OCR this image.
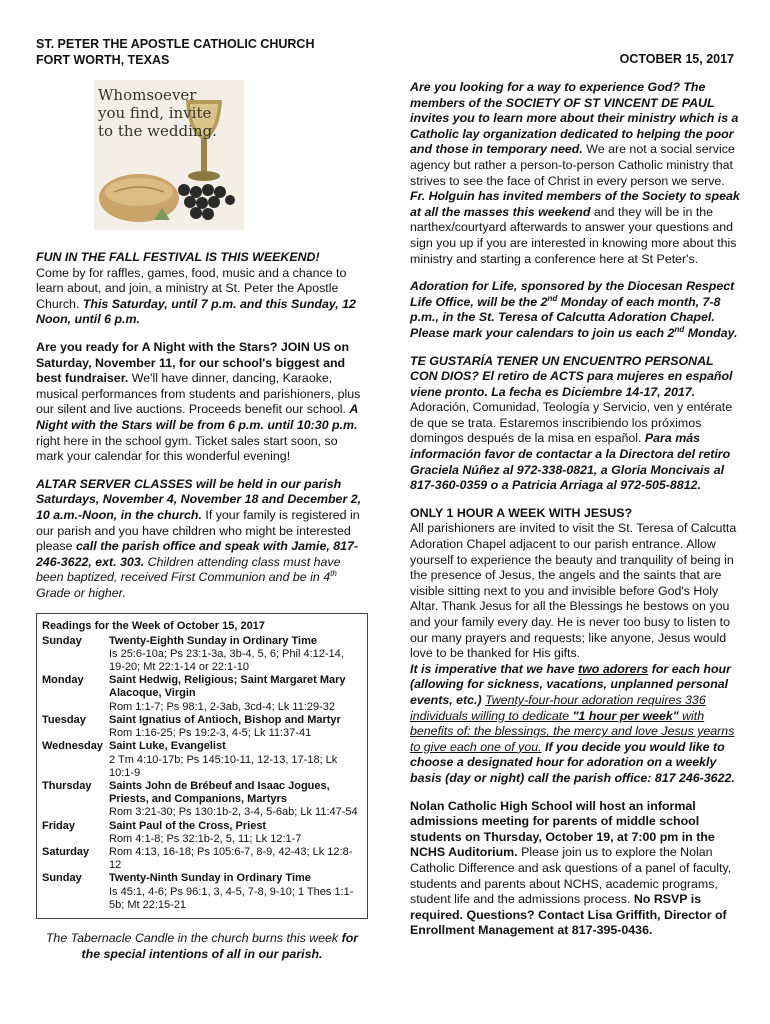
ST. PETER THE APOSTLE CATHOLIC CHURCH
FORT WORTH, TEXAS	OCTOBER 15, 2017
Whomsoever
you find, invite
to the wedding.

FUN IN THE FALL FESTIVAL IS THIS WEEKEND!
Come by for raffles, games, food, music and a chance to learn about, and join, a ministry at St. Peter the Apostle Church. This Saturday, until 7 p.m. and this Sunday, 12 Noon, until 6 p.m.

Are you ready for A Night with the Stars? JOIN US on Saturday, November 11, for our school's biggest and best fundraiser. We'll have dinner, dancing, Karaoke, musical performances from students and parishioners, plus our silent and live auctions. Proceeds benefit our school. A Night with the Stars will be from 6 p.m. until 10:30 p.m. right here in the school gym. Ticket sales start soon, so mark your calendar for this wonderful evening!

ALTAR SERVER CLASSES will be held in our parish Saturdays, November 4, November 18 and December 2, 10 a.m.-Noon, in the church. If your family is registered in our parish and you have children who might be interested please call the parish office and speak with Jamie, 817-246-3622, ext. 303. Children attending class must have been baptized, received First Communion and be in 4th Grade or higher.

Readings for the Week of October 15, 2017
Sunday	Twenty-Eighth Sunday in Ordinary Time
Is 25:6-10a; Ps 23:1-3a, 3b-4, 5, 6; Phil 4:12-14, 19-20; Mt 22:1-14 or 22:1-10
Monday	Saint Hedwig, Religious; Saint Margaret Mary Alacoque, Virgin
Rom 1:1-7; Ps 98:1, 2-3ab, 3cd-4; Lk 11:29-32
Tuesday	Saint Ignatius of Antioch, Bishop and Martyr
Rom 1:16-25; Ps 19:2-3, 4-5; Lk 11:37-41
Wednesday Saint Luke, Evangelist
2 Tm 4:10-17b; Ps 145:10-11, 12-13, 17-18; Lk 10:1-9
Thursday	Saints John de Brébeuf and Isaac Jogues, Priests, and Companions, Martyrs
Rom 3:21-30; Ps 130:1b-2, 3-4, 5-6ab; Lk 11:47-54
Friday	Saint Paul of the Cross, Priest
Rom 4:1-8; Ps 32:1b-2, 5, 11; Lk 12:1-7
Saturday	Rom 4:13, 16-18; Ps 105:6-7, 8-9, 42-43; Lk 12:8-12
Sunday	Twenty-Ninth Sunday in Ordinary Time
Is 45:1, 4-6; Ps 96:1, 3, 4-5, 7-8, 9-10; 1 Thes 1:1-5b; Mt 22:15-21
The Tabernacle Candle in the church burns this week for the special intentions of all in our parish.

Are you looking for a way to experience God? The members of the SOCIETY OF ST VINCENT DE PAUL invites you to learn more about their ministry which is a Catholic lay organization dedicated to helping the poor and those in temporary need. We are not a social service agency but rather a person-to-person Catholic ministry that strives to see the face of Christ in every person we serve. Fr. Holguin has invited members of the Society to speak at all the masses this weekend and they will be in the narthex/courtyard afterwards to answer your questions and sign you up if you are interested in knowing more about this ministry and starting a conference here at St Peter's.

Adoration for Life, sponsored by the Diocesan Respect Life Office, will be the 2nd Monday of each month, 7-8 p.m., in the St. Teresa of Calcutta Adoration Chapel. Please mark your calendars to join us each 2nd Monday.

TE GUSTARÍA TENER UN ENCUENTRO PERSONAL CON DIOS? El retiro de ACTS para mujeres en español viene pronto. La fecha es Diciembre 14-17, 2017. Adoración, Comunidad, Teología y Servicio, ven y entérate de que se trata. Estaremos inscribiendo los próximos domingos después de la misa en español. Para más información favor de contactar a la Directora del retiro Graciela Núñez al 972-338-0821, a Gloria Moncivais al 817-360-0359 o a Patricia Arriaga al 972-505-8812.

ONLY 1 HOUR A WEEK WITH JESUS?
All parishioners are invited to visit the St. Teresa of Calcutta Adoration Chapel adjacent to our parish entrance. Allow yourself to experience the beauty and tranquility of being in the presence of Jesus, the angels and the saints that are visible sitting next to you and invisible before God's Holy Altar. Thank Jesus for all the Blessings he bestows on you and your family every day. He is never too busy to listen to our many prayers and requests; like anyone, Jesus would love to be thanked for His gifts.
It is imperative that we have two adorers for each hour (allowing for sickness, vacations, unplanned personal events, etc.) Twenty-four-hour adoration requires 336 individuals willing to dedicate "1 hour per week" with benefits of: the blessings, the mercy and love Jesus yearns to give each one of you. If you decide you would like to choose a designated hour for adoration on a weekly basis (day or night) call the parish office: 817 246-3622.

Nolan Catholic High School will host an informal admissions meeting for parents of middle school students on Thursday, October 19, at 7:00 pm in the NCHS Auditorium. Please join us to explore the Nolan Catholic Difference and ask questions of a panel of faculty, students and parents about NCHS, academic programs, student life and the admissions process. No RSVP is required. Questions? Contact Lisa Griffith, Director of Enrollment Management at 817-395-0436.
